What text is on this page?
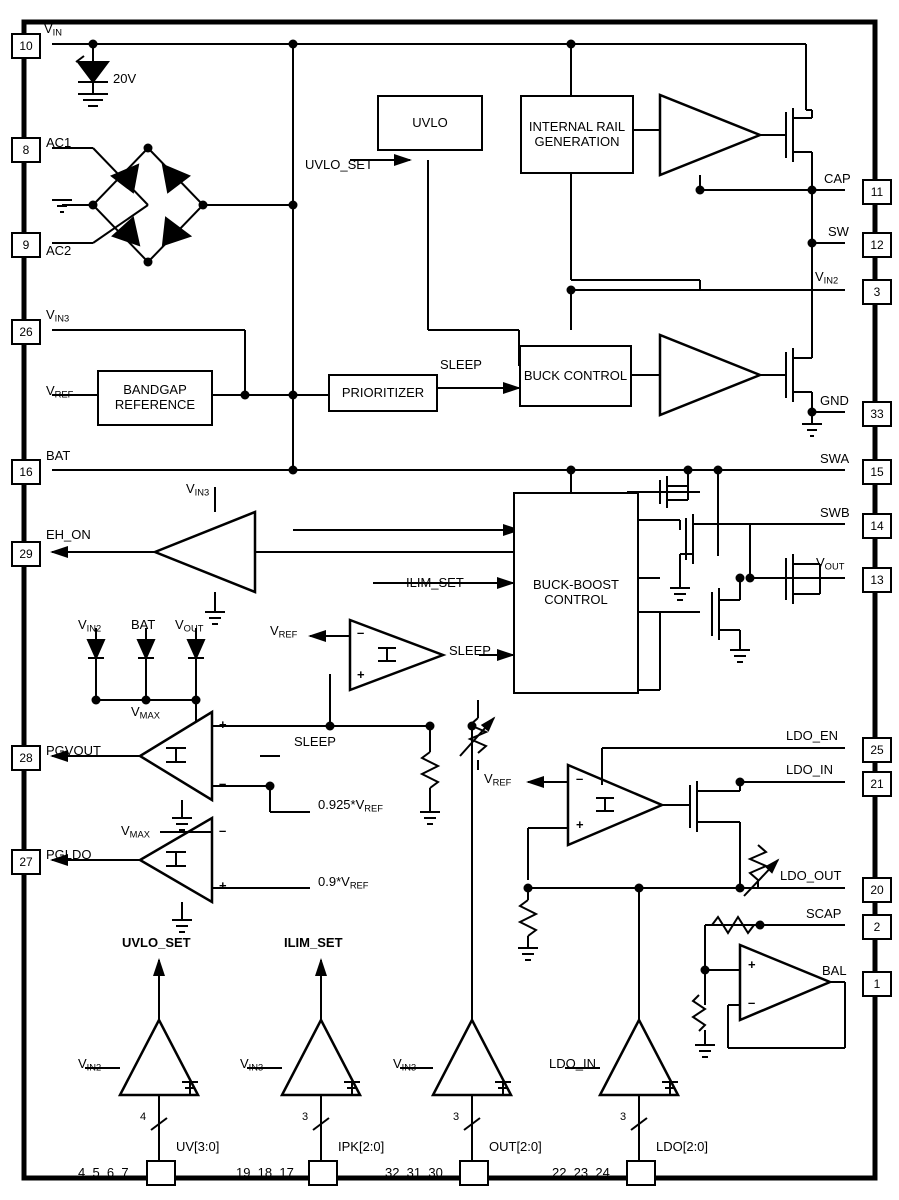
UVLO	INTERNAL RAIL GENERATION
BANDGAP REFERENCE
PRIORITIZER
BUCK CONTROL
BUCK-BOOST CONTROL
10
8
9
26
16
29
28
27
11
12
3
33
15
14
13
25
21
20
2
1
$V_{IN}$
20V
AC1
AC2
$V_{IN3}$
BAT
EH_ON
PGVOUT
PGLDO
CAP
SW
$V_{IN2}$
GND
SWA
SWB
$V_{OUT}$
LDO_EN
LDO_IN
LDO_OUT
SCAP
BAL
UVLO_SET
SLEEP
$V_{REF}$
$V_{IN3}$
ILIM_SET
$V_{REF}$
SLEEP
$V_{IN2}$ BAT $V_{OUT}$
$V_{MAX}$
$V_{MAX}$
SLEEP
$0.925*V_{REF}$
$0.9*V_{REF}$
$V_{REF}$
UVLO_SET	ILIM_SET
$V_{IN2}$	$V_{IN3}$	$V_{IN3}$	LDO_IN
4	3	3	3
UV[3:0]	IPK[2:0]	OUT[2:0]	LDO[2:0]
4, 5, 6, 7	19, 18, 17	32, 31, 30	22, 23, 24
+
–
–
+
–
+
–
+
+
–
